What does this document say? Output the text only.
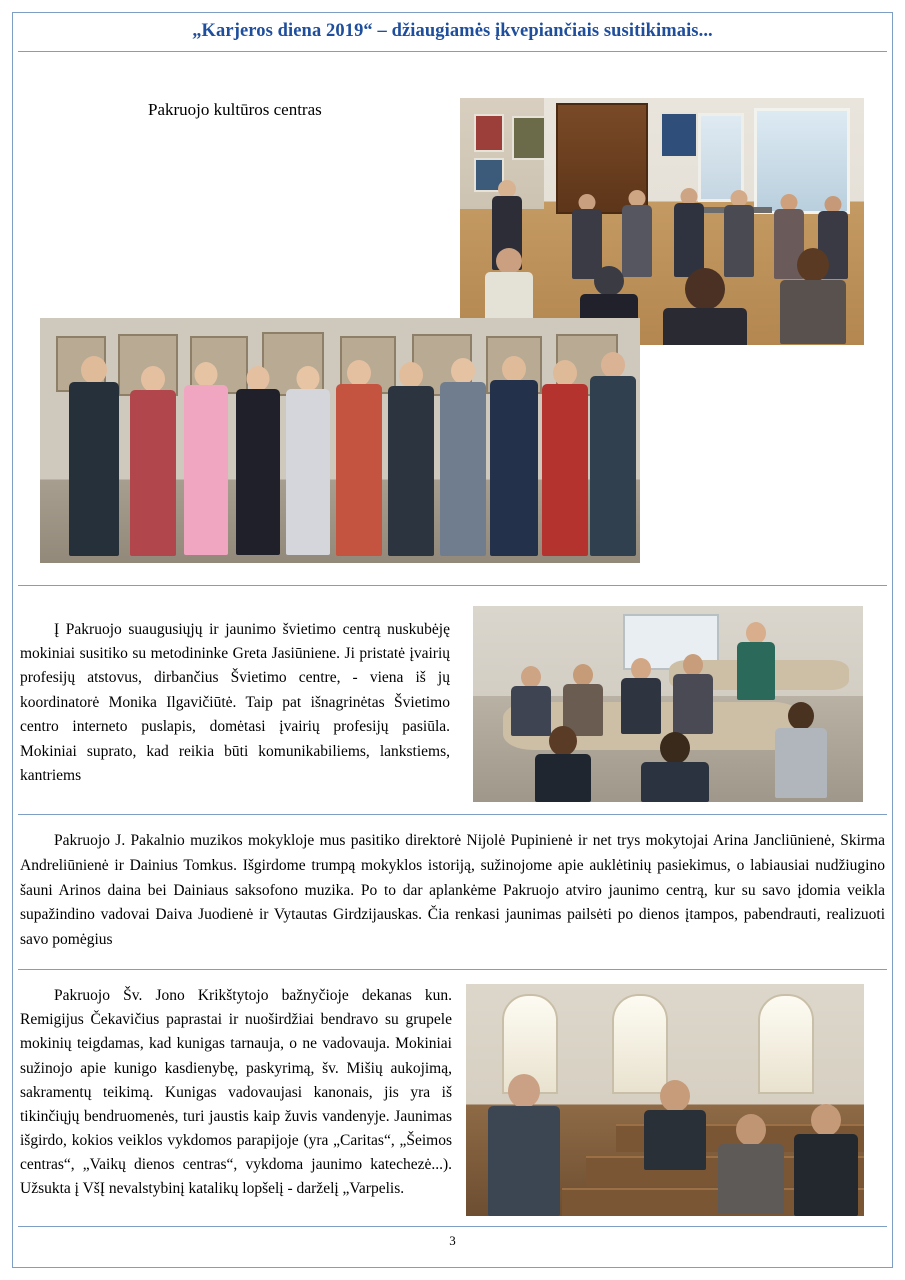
„Karjeros diena 2019“ – džiaugiamės įkvepiančiais susitikimais...
Pakruojo kultūros centras

Į Pakruojo suaugusiųjų ir jaunimo švietimo centrą nuskubėję mokiniai susitiko su metodininke Greta Jasiūniene. Ji pristatė įvairių profesijų atstovus, dirbančius Švietimo centre, - viena iš jų koordinatorė Monika Ilgavičiūtė. Taip pat išnagrinėtas Švietimo centro interneto puslapis, domėtasi įvairių profesijų pasiūla. Mokiniai suprato, kad reikia būti komunikabiliems, lankstiems, kantriems

Pakruojo J. Pakalnio muzikos mokykloje mus pasitiko direktorė Nijolė Pupinienė ir net trys mokytojai Arina Jancliūnienė, Skirma Andreliūnienė ir Dainius Tomkus. Išgirdome trumpą mokyklos istoriją, sužinojome apie auklėtinių pasiekimus, o labiausiai nudžiugino šauni Arinos daina bei Dainiaus saksofono muzika. Po to dar aplankėme Pakruojo atviro jaunimo centrą, kur su savo įdomia veikla supažindino vadovai Daiva Juodienė ir Vytautas Girdzijauskas. Čia renkasi jaunimas pailsėti po dienos įtampos, pabendrauti, realizuoti savo pomėgius

Pakruojo Šv. Jono Krikštytojo bažnyčioje dekanas kun. Remigijus Čekavičius paprastai ir nuoširdžiai bendravo su grupele mokinių teigdamas, kad kunigas tarnauja, o ne vadovauja. Mokiniai sužinojo apie kunigo kasdienybę, paskyrimą, šv. Mišių aukojimą, sakramentų teikimą. Kunigas vadovaujasi kanonais, jis yra iš tikinčiųjų bendruomenės, turi jaustis kaip žuvis vandenyje. Jaunimas išgirdo, kokios veiklos vykdomos parapijoje (yra „Caritas“, „Šeimos centras“, „Vaikų dienos centras“, vykdoma jaunimo katechezė...). Užsukta į VšĮ nevalstybinį katalikų lopšelį - darželį „Varpelis.

3
